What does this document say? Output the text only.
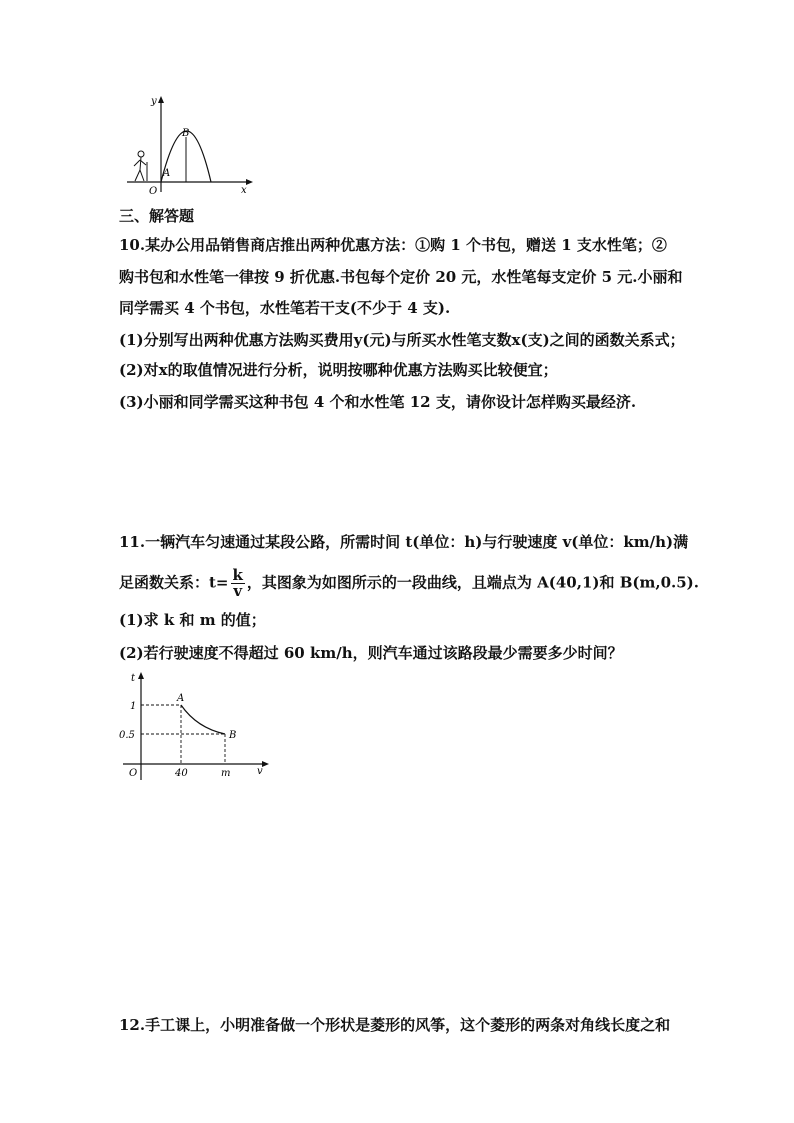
y
x
O
A
B
三、解答题
10.某办公用品销售商店推出两种优惠方法：①购 1 个书包，赠送 1 支水性笔；②
购书包和水性笔一律按 9 折优惠.书包每个定价 20 元，水性笔每支定价 5 元.小丽和
同学需买 4 个书包，水性笔若干支(不少于 4 支).
(1)分别写出两种优惠方法购买费用y(元)与所买水性笔支数x(支)之间的函数关系式；
(2)对x的取值情况进行分析，说明按哪种优惠方法购买比较便宜；
(3)小丽和同学需买这种书包 4 个和水性笔 12 支，请你设计怎样购买最经济.
11.一辆汽车匀速通过某段公路，所需时间 t(单位：h)与行驶速度 v(单位：km/h)满
足函数关系：$t= \frac{k}{v}$ ，其图象为如图所示的一段曲线，且端点为 A(40,1)和 B(m,0.5).
(1)求 k 和 m 的值；
(2)若行驶速度不得超过 60 km/h，则汽车通过该路段最少需要多少时间？
t
v
O
1
0.5
40	m
A
B
12.手工课上，小明准备做一个形状是菱形的风筝，这个菱形的两条对角线长度之和
